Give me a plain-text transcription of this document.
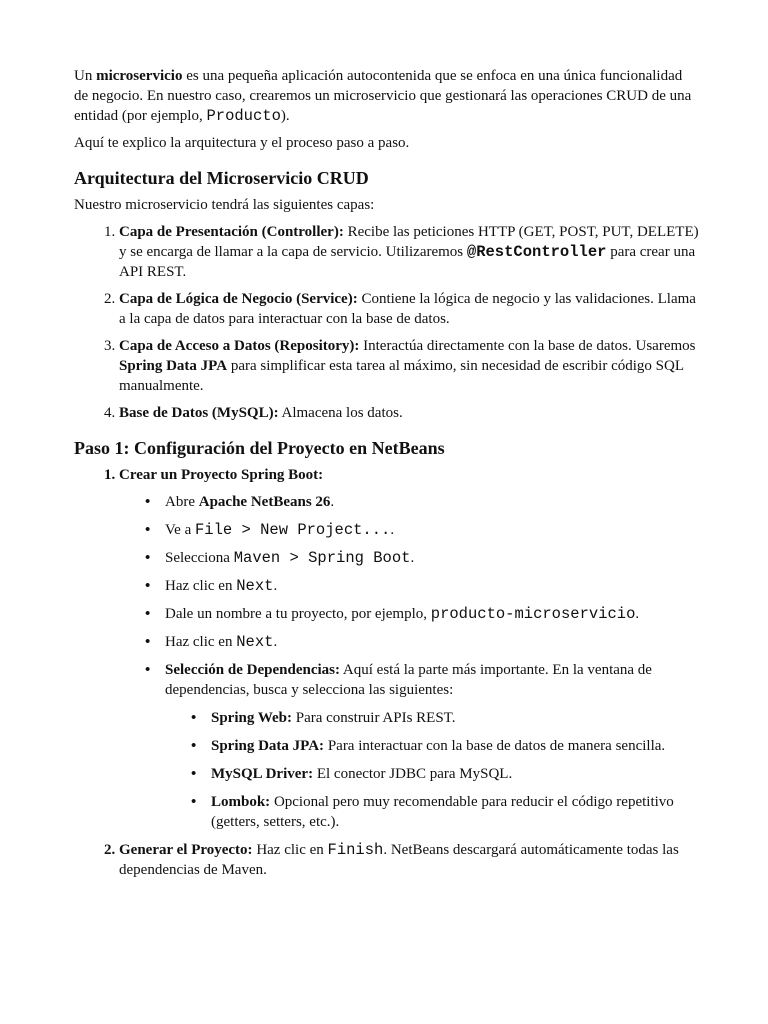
Un microservicio es una pequeña aplicación autocontenida que se enfoca en una única funcionalidad de negocio. En nuestro caso, crearemos un microservicio que gestionará las operaciones CRUD de una entidad (por ejemplo, Producto).

Aquí te explico la arquitectura y el proceso paso a paso.

Arquitectura del Microservicio CRUD

Nuestro microservicio tendrá las siguientes capas:

1. Capa de Presentación (Controller): Recibe las peticiones HTTP (GET, POST, PUT, DELETE) y se encarga de llamar a la capa de servicio. Utilizaremos @RestController para crear una API REST.
2. Capa de Lógica de Negocio (Service): Contiene la lógica de negocio y las validaciones. Llama a la capa de datos para interactuar con la base de datos.
3. Capa de Acceso a Datos (Repository): Interactúa directamente con la base de datos. Usaremos Spring Data JPA para simplificar esta tarea al máximo, sin necesidad de escribir código SQL manualmente.
4. Base de Datos (MySQL): Almacena los datos.
Paso 1: Configuración del Proyecto en NetBeans
1. Crear un Proyecto Spring Boot:
• Abre Apache NetBeans 26.
• Ve a File > New Project....
• Selecciona Maven > Spring Boot.
• Haz clic en Next.
• Dale un nombre a tu proyecto, por ejemplo, producto-microservicio.
• Haz clic en Next.
• Selección de Dependencias: Aquí está la parte más importante. En la ventana de dependencias, busca y selecciona las siguientes:
• Spring Web: Para construir APIs REST.
• Spring Data JPA: Para interactuar con la base de datos de manera sencilla.
• MySQL Driver: El conector JDBC para MySQL.
• Lombok: Opcional pero muy recomendable para reducir el código repetitivo (getters, setters, etc.).
2. Generar el Proyecto: Haz clic en Finish. NetBeans descargará automáticamente todas las dependencias de Maven.
